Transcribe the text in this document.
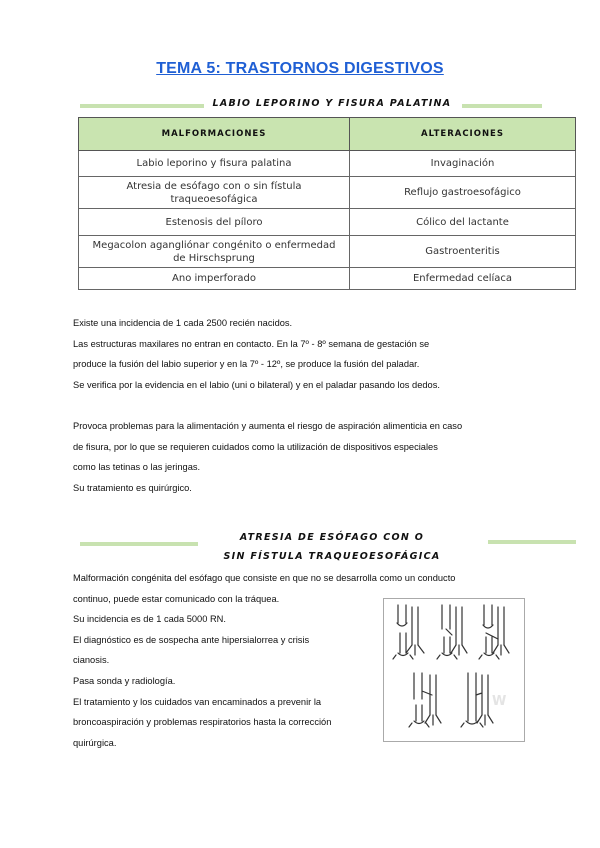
TEMA 5: TRASTORNOS DIGESTIVOS
LABIO LEPORINO Y FISURA PALATINA
MALFORMACIONES	ALTERACIONES
Labio leporino y fisura palatina	Invaginación
Atresia de esófago con o sin fístula traqueoesofágica	Reflujo gastroesofágico
Estenosis del píloro	Cólico del lactante
Megacolon agangliónar congénito o enfermedad de Hirschsprung	Gastroenteritis
Ano imperforado	Enfermedad celíaca

Existe una incidencia de 1 cada 2500 recién nacidos.

Las estructuras maxilares no entran en contacto. En la 7º - 8º semana de gestación se

produce la fusión del labio superior y en la 7º - 12º, se produce la fusión del paladar.

Se verifica por la evidencia en el labio (uni o bilateral) y en el paladar pasando los dedos.

Provoca problemas para la alimentación y aumenta el riesgo de aspiración alimenticia en caso

de fisura, por lo que se requieren cuidados como la utilización de dispositivos especiales

como las tetinas o las jeringas.

Su tratamiento es quirúrgico.

ATRESIA DE ESÓFAGO CON O
SIN FÍSTULA TRAQUEOESOFÁGICA

Malformación congénita del esófago que consiste en que no se desarrolla como un conducto

continuo, puede estar comunicado con la tráquea.

Su incidencia es de 1 cada 5000 RN.

El diagnóstico es de sospecha ante hipersialorrea y crisis

cianosis.

Pasa sonda y radiología.

El tratamiento y los cuidados van encaminados a prevenir la

broncoaspiración y problemas respiratorios hasta la corrección

quirúrgica.

W
